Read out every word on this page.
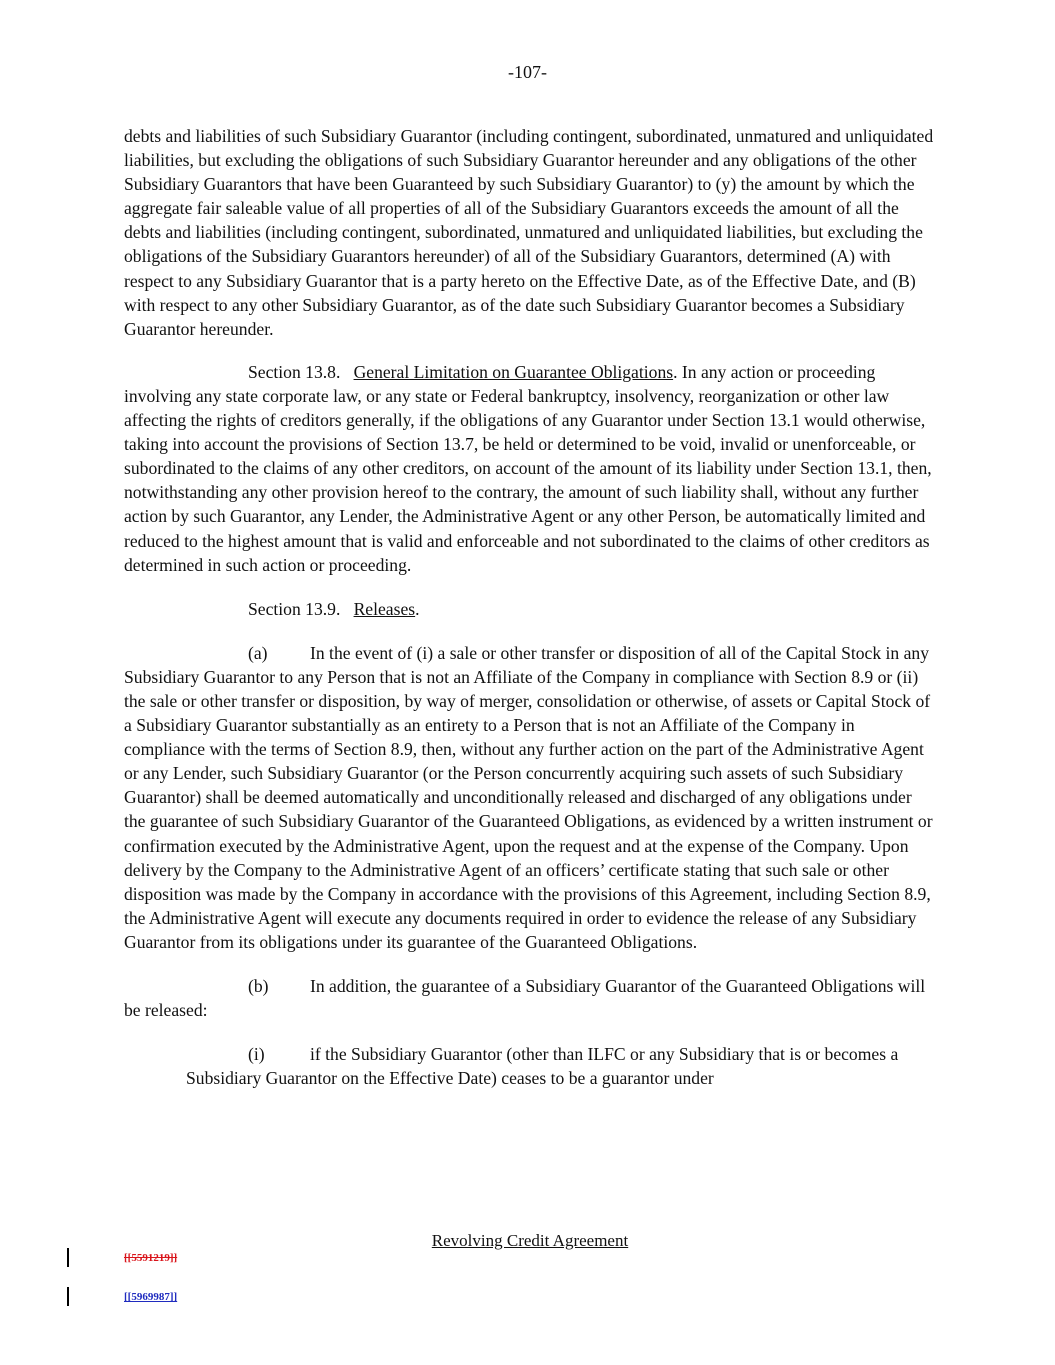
-107-

debts and liabilities of such Subsidiary Guarantor (including contingent, subordinated, unmatured and unliquidated liabilities, but excluding the obligations of such Subsidiary Guarantor hereunder and any obligations of the other Subsidiary Guarantors that have been Guaranteed by such Subsidiary Guarantor) to (y) the amount by which the aggregate fair saleable value of all properties of all of the Subsidiary Guarantors exceeds the amount of all the debts and liabilities (including contingent, subordinated, unmatured and unliquidated liabilities, but excluding the obligations of the Subsidiary Guarantors hereunder) of all of the Subsidiary Guarantors, determined (A) with respect to any Subsidiary Guarantor that is a party hereto on the Effective Date, as of the Effective Date, and (B) with respect to any other Subsidiary Guarantor, as of the date such Subsidiary Guarantor becomes a Subsidiary Guarantor hereunder.

Section 13.8. General Limitation on Guarantee Obligations. In any action or proceeding involving any state corporate law, or any state or Federal bankruptcy, insolvency, reorganization or other law affecting the rights of creditors generally, if the obligations of any Guarantor under Section 13.1 would otherwise, taking into account the provisions of Section 13.7, be held or determined to be void, invalid or unenforceable, or subordinated to the claims of any other creditors, on account of the amount of its liability under Section 13.1, then, notwithstanding any other provision hereof to the contrary, the amount of such liability shall, without any further action by such Guarantor, any Lender, the Administrative Agent or any other Person, be automatically limited and reduced to the highest amount that is valid and enforceable and not subordinated to the claims of other creditors as determined in such action or proceeding.

Section 13.9. Releases.

(a) In the event of (i) a sale or other transfer or disposition of all of the Capital Stock in any Subsidiary Guarantor to any Person that is not an Affiliate of the Company in compliance with Section 8.9 or (ii) the sale or other transfer or disposition, by way of merger, consolidation or otherwise, of assets or Capital Stock of a Subsidiary Guarantor substantially as an entirety to a Person that is not an Affiliate of the Company in compliance with the terms of Section 8.9, then, without any further action on the part of the Administrative Agent or any Lender, such Subsidiary Guarantor (or the Person concurrently acquiring such assets of such Subsidiary Guarantor) shall be deemed automatically and unconditionally released and discharged of any obligations under the guarantee of such Subsidiary Guarantor of the Guaranteed Obligations, as evidenced by a written instrument or confirmation executed by the Administrative Agent, upon the request and at the expense of the Company. Upon delivery by the Company to the Administrative Agent of an officers’ certificate stating that such sale or other disposition was made by the Company in accordance with the provisions of this Agreement, including Section 8.9, the Administrative Agent will execute any documents required in order to evidence the release of any Subsidiary Guarantor from its obligations under its guarantee of the Guaranteed Obligations.

(b) In addition, the guarantee of a Subsidiary Guarantor of the Guaranteed Obligations will be released:

(i)	if the Subsidiary Guarantor (other than ILFC or any Subsidiary that is or becomes a Subsidiary Guarantor on the Effective Date) ceases to be a guarantor under

Revolving Credit Agreement
[[5591219]]
[[5969987]]
